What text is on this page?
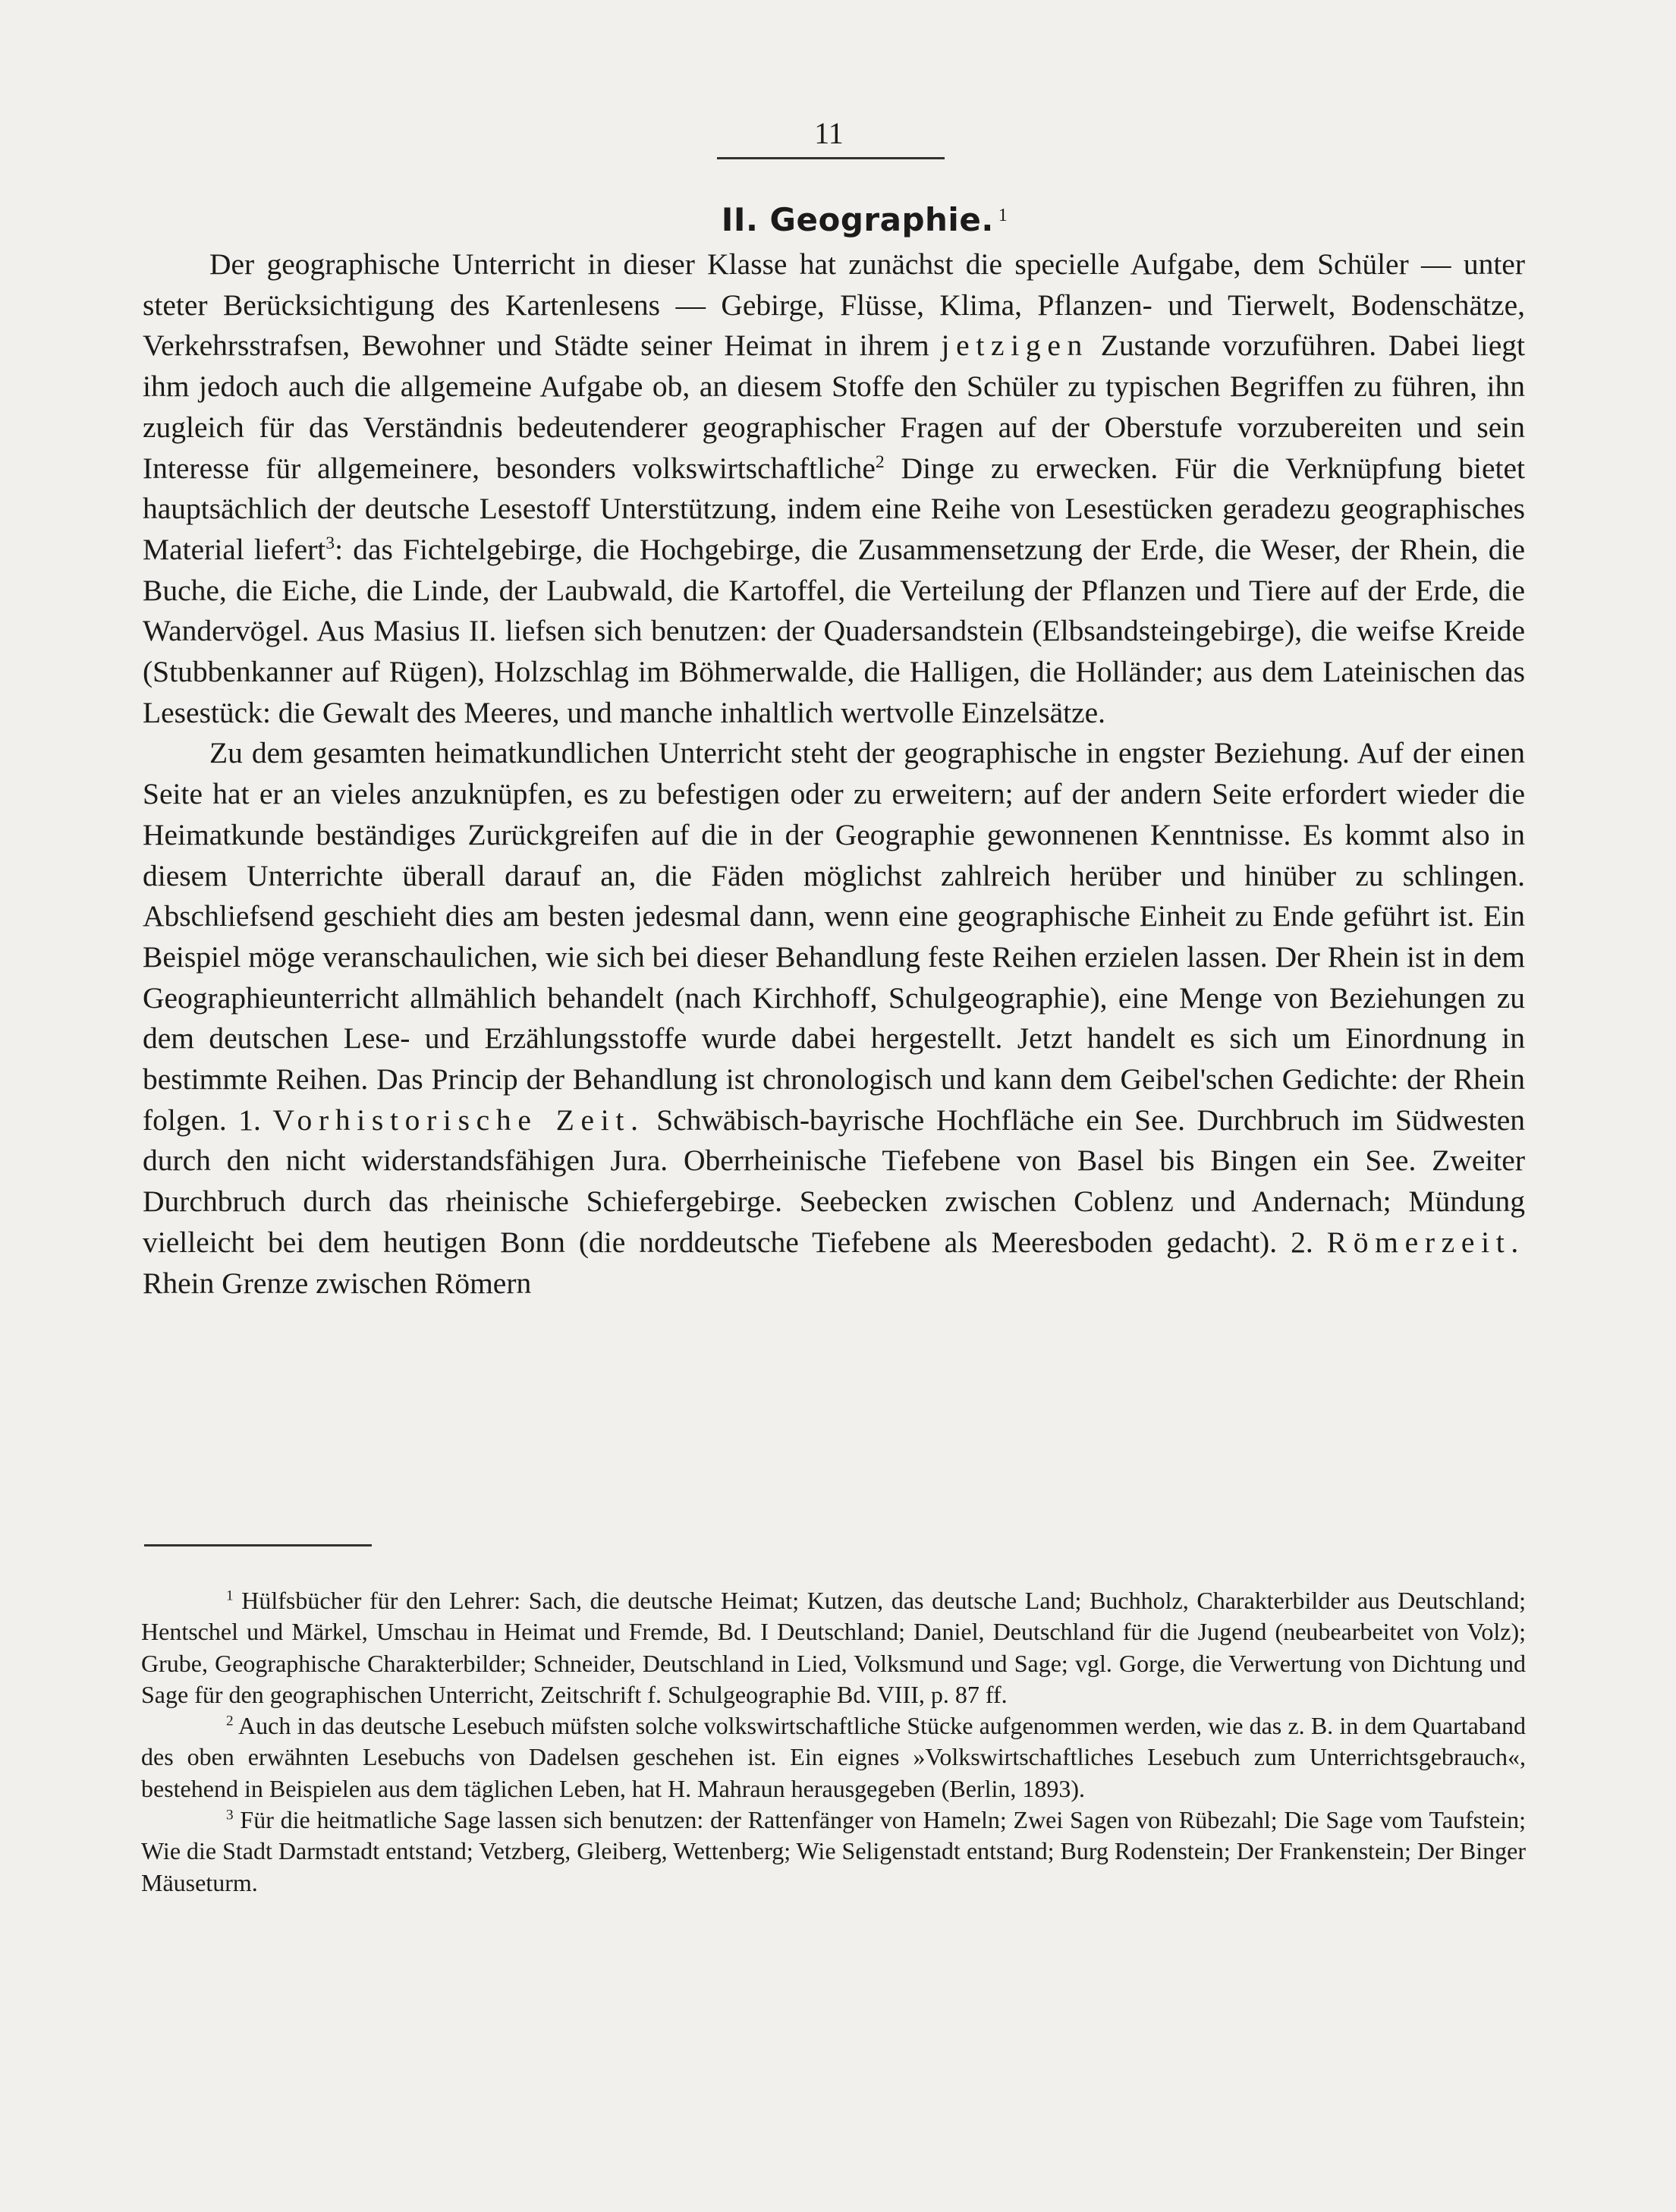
11
II. Geographie. $^1$

Der geographische Unterricht in dieser Klasse hat zunächst die specielle Aufgabe, dem Schüler — unter steter Berücksichtigung des Kartenlesens — Gebirge, Flüsse, Klima, Pflanzen- und Tierwelt, Bodenschätze, Verkehrsstrafsen, Bewohner und Städte seiner Heimat in ihrem jetzigen Zustande vorzuführen. Dabei liegt ihm jedoch auch die allgemeine Aufgabe ob, an diesem Stoffe den Schüler zu typischen Begriffen zu führen, ihn zugleich für das Verständnis bedeutenderer geographischer Fragen auf der Oberstufe vorzubereiten und sein Interesse für allgemeinere, besonders volkswirtschaftliche$^2$ Dinge zu erwecken. Für die Verknüpfung bietet hauptsächlich der deutsche Lesestoff Unterstützung, indem eine Reihe von Lesestücken geradezu geographisches Material liefert$^3$: das Fichtelgebirge, die Hochgebirge, die Zusammensetzung der Erde, die Weser, der Rhein, die Buche, die Eiche, die Linde, der Laubwald, die Kartoffel, die Verteilung der Pflanzen und Tiere auf der Erde, die Wandervögel. Aus Masius II. liefsen sich benutzen: der Quadersandstein (Elbsandsteingebirge), die weifse Kreide (Stubbenkanner auf Rügen), Holzschlag im Böhmerwalde, die Halligen, die Holländer; aus dem Lateinischen das Lesestück: die Gewalt des Meeres, und manche inhaltlich wertvolle Einzelsätze.

Zu dem gesamten heimatkundlichen Unterricht steht der geographische in engster Beziehung. Auf der einen Seite hat er an vieles anzuknüpfen, es zu befestigen oder zu erweitern; auf der andern Seite erfordert wieder die Heimatkunde beständiges Zurückgreifen auf die in der Geographie gewonnenen Kenntnisse. Es kommt also in diesem Unterrichte überall darauf an, die Fäden möglichst zahlreich herüber und hinüber zu schlingen. Abschliefsend geschieht dies am besten jedesmal dann, wenn eine geographische Einheit zu Ende geführt ist. Ein Beispiel möge veranschaulichen, wie sich bei dieser Behandlung feste Reihen erzielen lassen. Der Rhein ist in dem Geographieunterricht allmählich behandelt (nach Kirchhoff, Schulgeographie), eine Menge von Beziehungen zu dem deutschen Lese- und Erzählungsstoffe wurde dabei hergestellt. Jetzt handelt es sich um Einordnung in bestimmte Reihen. Das Princip der Behandlung ist chronologisch und kann dem Geibel'schen Gedichte: der Rhein folgen. 1. Vorhistorische Zeit. Schwäbisch-bayrische Hochfläche ein See. Durchbruch im Südwesten durch den nicht widerstandsfähigen Jura. Oberrheinische Tiefebene von Basel bis Bingen ein See. Zweiter Durchbruch durch das rheinische Schiefergebirge. Seebecken zwischen Coblenz und Andernach; Mündung vielleicht bei dem heutigen Bonn (die norddeutsche Tiefebene als Meeresboden gedacht). 2. Römerzeit. Rhein Grenze zwischen Römern

$^1$ Hülfsbücher für den Lehrer: Sach, die deutsche Heimat; Kutzen, das deutsche Land; Buchholz, Charakterbilder aus Deutschland; Hentschel und Märkel, Umschau in Heimat und Fremde, Bd. I Deutschland; Daniel, Deutschland für die Jugend (neubearbeitet von Volz); Grube, Geographische Charakterbilder; Schneider, Deutschland in Lied, Volksmund und Sage; vgl. Gorge, die Verwertung von Dichtung und Sage für den geographischen Unterricht, Zeitschrift f. Schulgeographie Bd. VIII, p. 87 ff.

$^2$ Auch in das deutsche Lesebuch müfsten solche volkswirtschaftliche Stücke aufgenommen werden, wie das z. B. in dem Quartaband des oben erwähnten Lesebuchs von Dadelsen geschehen ist. Ein eignes »Volkswirtschaftliches Lesebuch zum Unterrichtsgebrauch«, bestehend in Beispielen aus dem täglichen Leben, hat H. Mahraun herausgegeben (Berlin, 1893).

$^3$ Für die heitmatliche Sage lassen sich benutzen: der Rattenfänger von Hameln; Zwei Sagen von Rübezahl; Die Sage vom Taufstein; Wie die Stadt Darmstadt entstand; Vetzberg, Gleiberg, Wettenberg; Wie Seligenstadt entstand; Burg Rodenstein; Der Frankenstein; Der Binger Mäuseturm.
